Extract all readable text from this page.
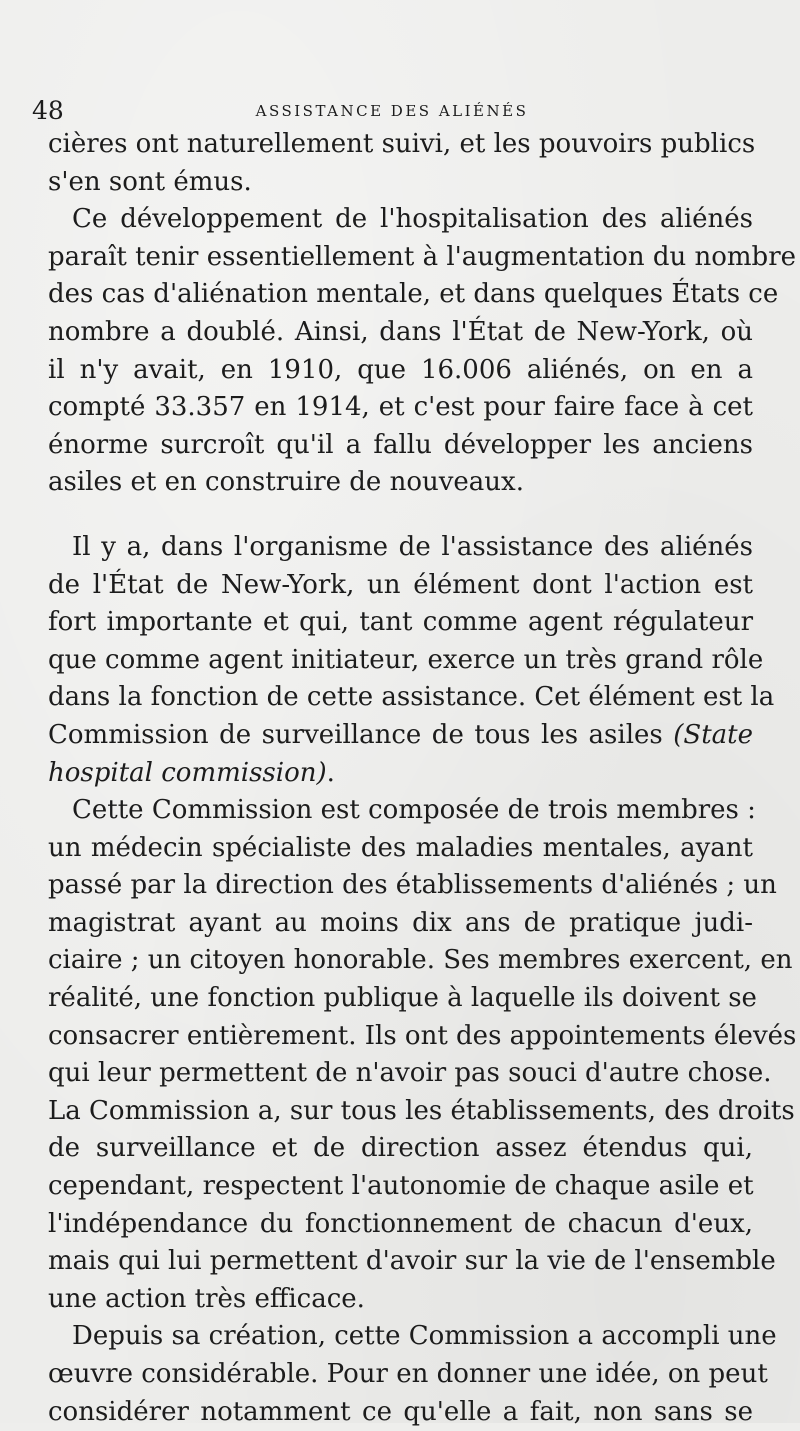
48	ASSISTANCE DES ALIÉNÉS
cières ont naturellement suivi, et les pouvoirs publics
s'en sont émus.
Ce développement de l'hospitalisation des aliénés
paraît tenir essentiellement à l'augmentation du nombre
des cas d'aliénation mentale, et dans quelques États ce
nombre a doublé. Ainsi, dans l'État de New-York, où
il n'y avait, en 1910, que 16.006 aliénés, on en a
compté 33.357 en 1914, et c'est pour faire face à cet
énorme surcroît qu'il a fallu développer les anciens
asiles et en construire de nouveaux.
Il y a, dans l'organisme de l'assistance des aliénés
de l'État de New-York, un élément dont l'action est
fort importante et qui, tant comme agent régulateur
que comme agent initiateur, exerce un très grand rôle
dans la fonction de cette assistance. Cet élément est la
Commission de surveillance de tous les asiles (State
hospital commission).
Cette Commission est composée de trois membres :
un médecin spécialiste des maladies mentales, ayant
passé par la direction des établissements d'aliénés ; un
magistrat ayant au moins dix ans de pratique judi-
ciaire ; un citoyen honorable. Ses membres exercent, en
réalité, une fonction publique à laquelle ils doivent se
consacrer entièrement. Ils ont des appointements élevés
qui leur permettent de n'avoir pas souci d'autre chose.
La Commission a, sur tous les établissements, des droits
de surveillance et de direction assez étendus qui,
cependant, respectent l'autonomie de chaque asile et
l'indépendance du fonctionnement de chacun d'eux,
mais qui lui permettent d'avoir sur la vie de l'ensemble
une action très efficace.
Depuis sa création, cette Commission a accompli une
œuvre considérable. Pour en donner une idée, on peut
considérer notamment ce qu'elle a fait, non sans se
